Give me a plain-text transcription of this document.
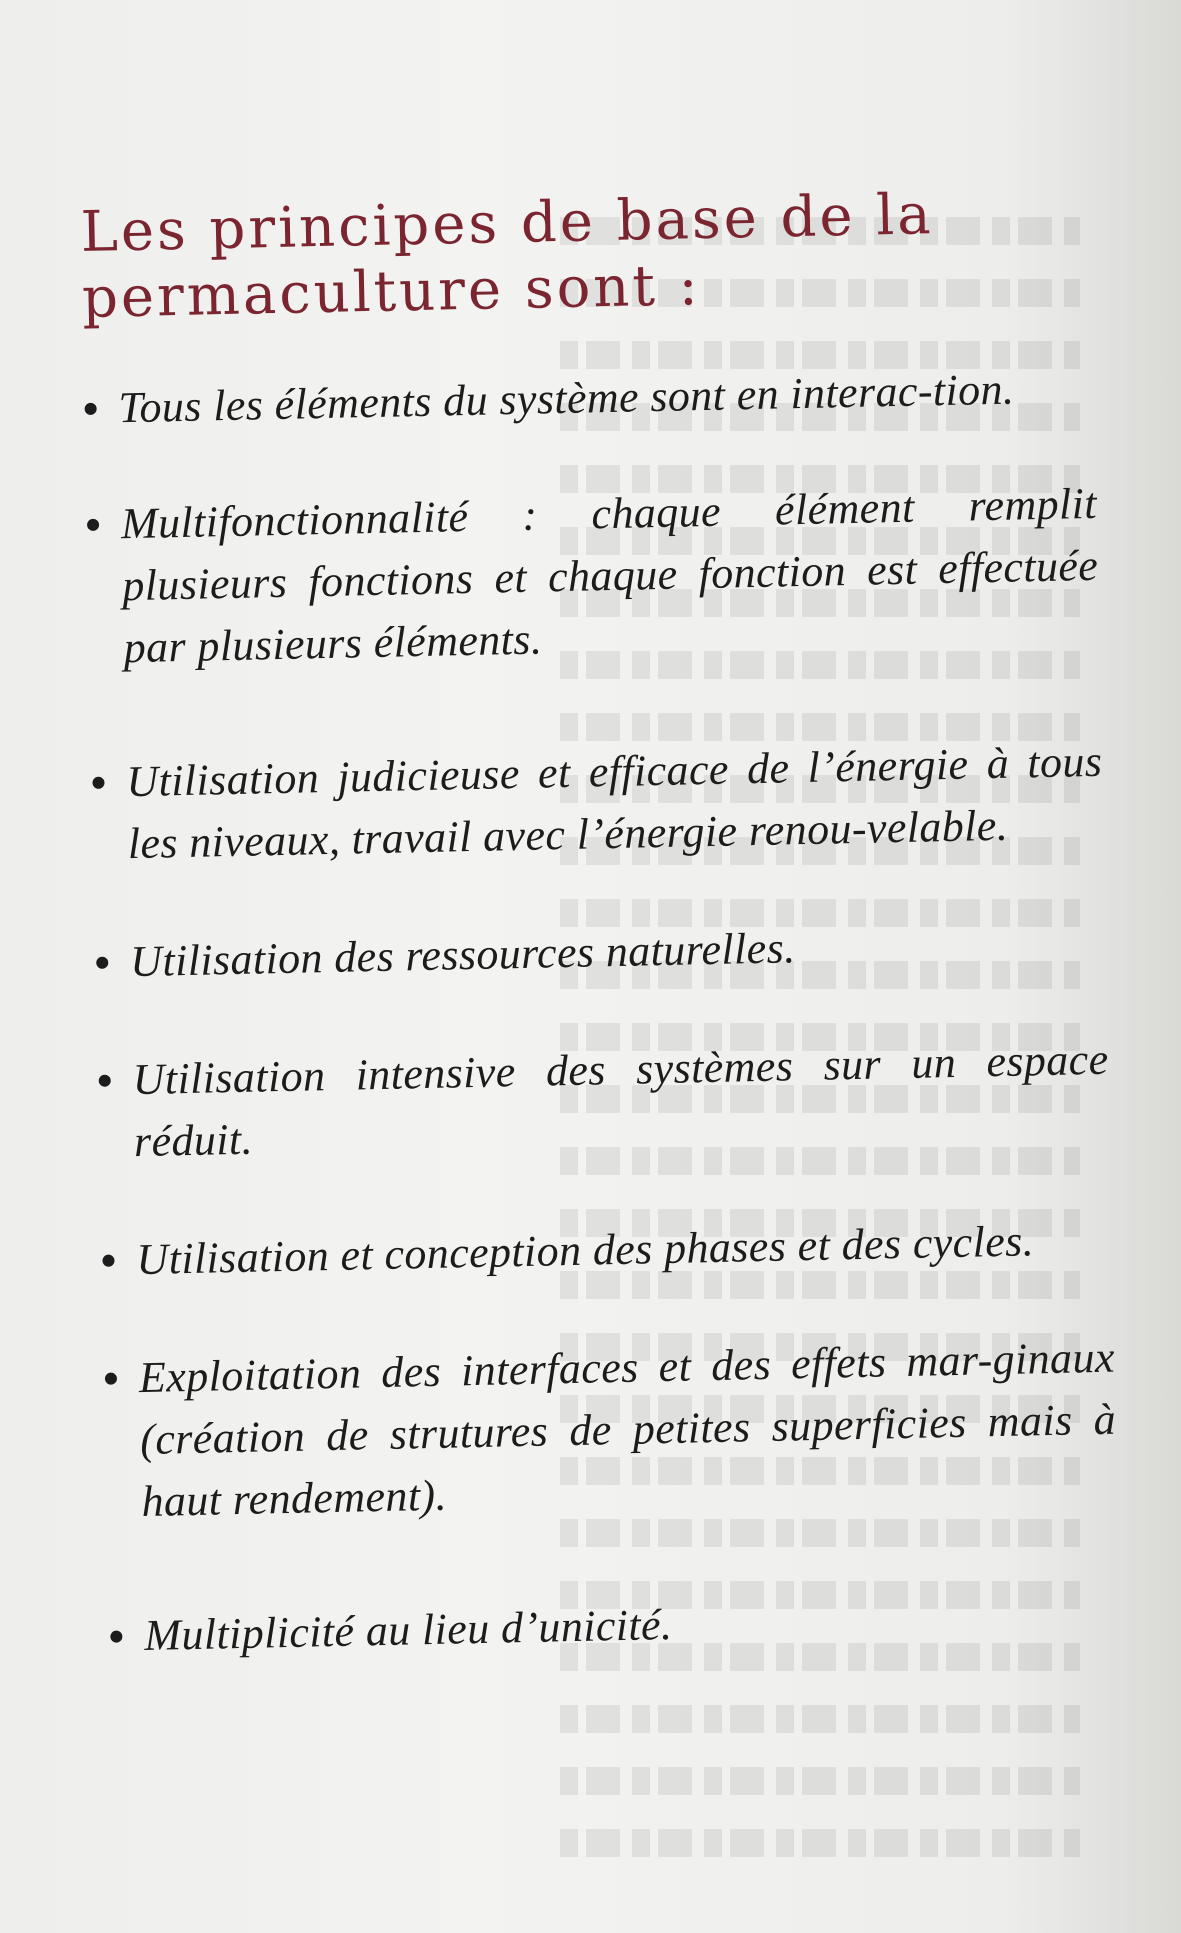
Les principes de base de la permaculture sont :
Tous les éléments du système sont en interac-tion.
Multifonctionnalité : chaque élément remplit plusieurs fonctions et chaque fonction est effectuée par plusieurs éléments.
Utilisation judicieuse et efficace de l’énergie à tous les niveaux, travail avec l’énergie renou-velable.
Utilisation des ressources naturelles.
Utilisation intensive des systèmes sur un espace réduit.
Utilisation et conception des phases et des cycles.
Exploitation des interfaces et des effets mar-ginaux (création de strutures de petites superficies mais à haut rendement).
Multiplicité au lieu d’unicité.
